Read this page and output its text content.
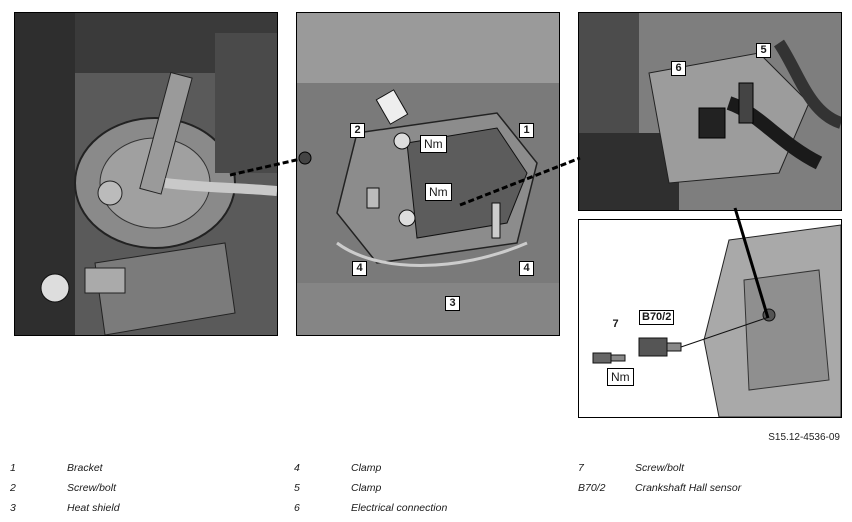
1
2
3
4	4
Nm
Nm
5
6
7
B70/2
Nm
S15.12-4536-09
1	Bracket
2	Screw/bolt
3	Heat shield
4	Clamp
5	Clamp
6	Electrical connection
7	Screw/bolt
B70/2	Crankshaft Hall sensor
